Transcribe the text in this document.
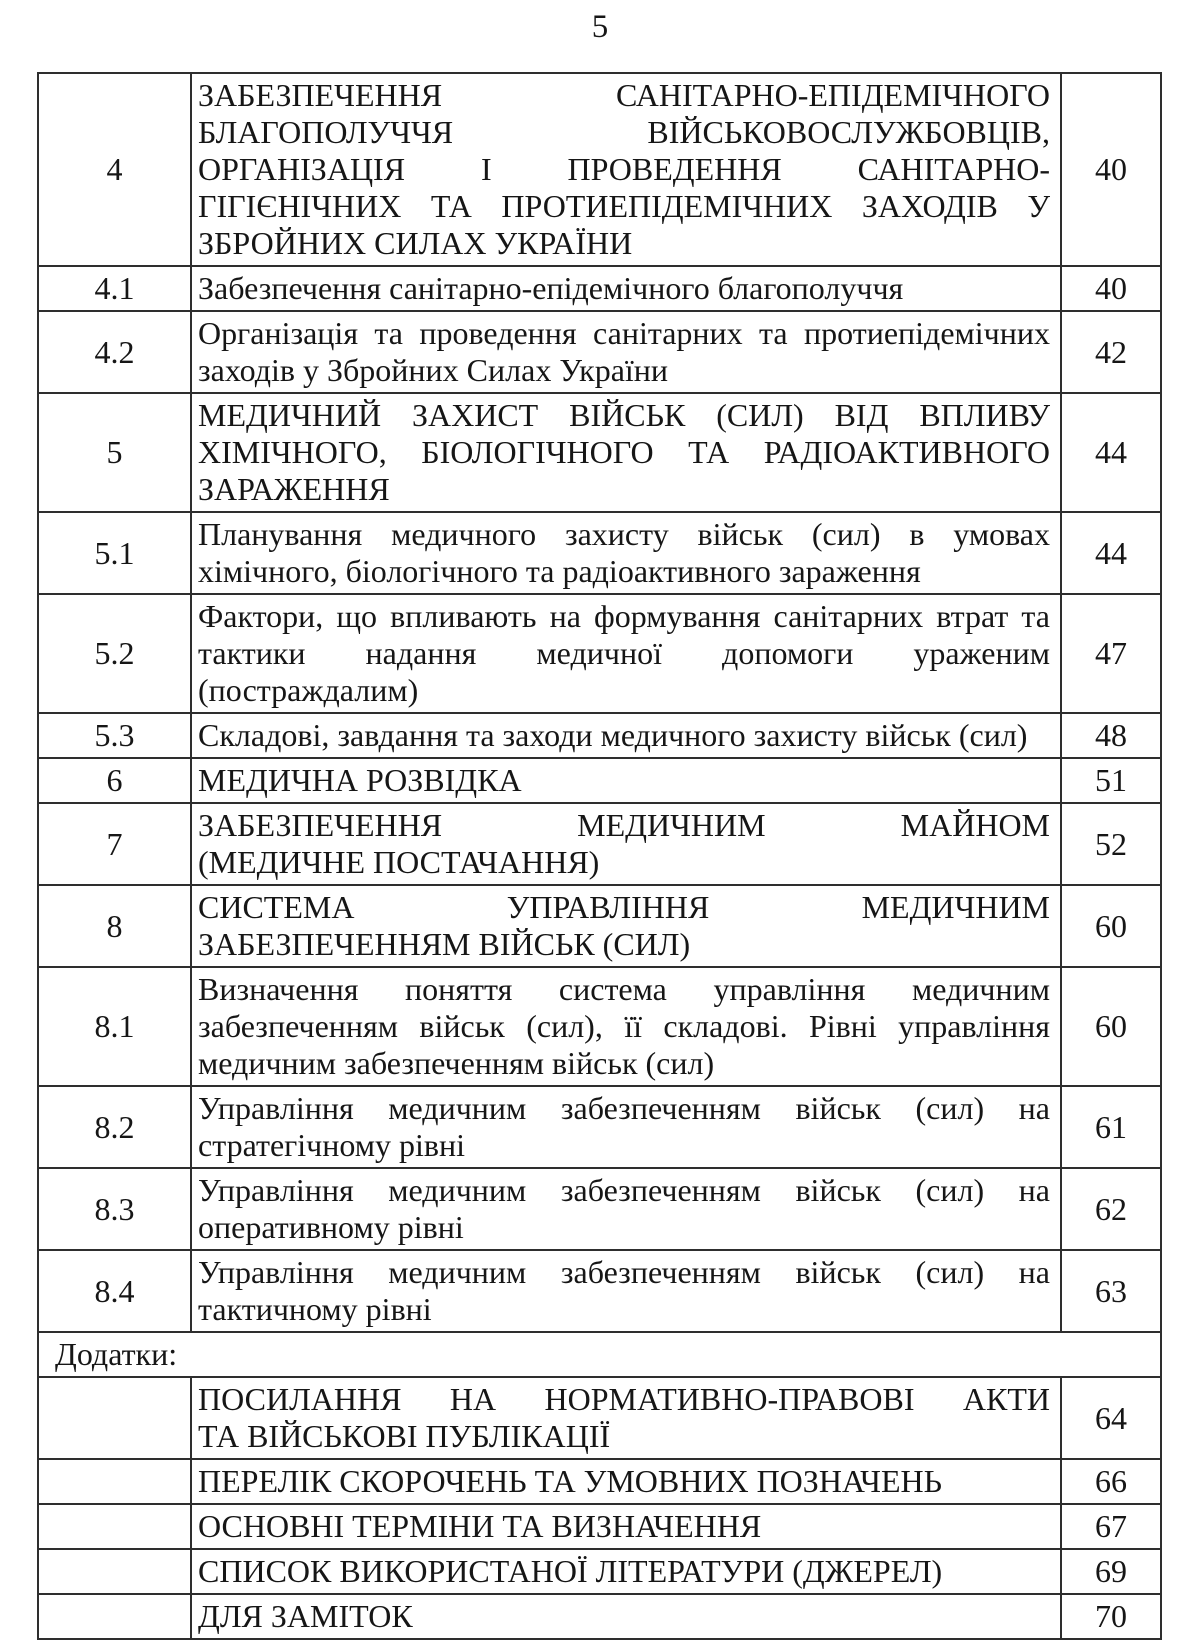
5
4	ЗАБЕЗПЕЧЕННЯ САНІТАРНО-ЕПІДЕМІЧНОГО
БЛАГОПОЛУЧЧЯ ВІЙСЬКОВОСЛУЖБОВЦІВ,
ОРГАНІЗАЦІЯ І ПРОВЕДЕННЯ САНІТАРНО-
ГІГІЄНІЧНИХ ТА ПРОТИЕПІДЕМІЧНИХ ЗАХОДІВ У
ЗБРОЙНИХ СИЛАХ УКРАЇНИ	40
4.1	Забезпечення санітарно-епідемічного благополуччя	40
4.2	Організація та проведення санітарних та протиепідемічних
заходів у Збройних Силах України	42
5	МЕДИЧНИЙ ЗАХИСТ ВІЙСЬК (СИЛ) ВІД ВПЛИВУ
ХІМІЧНОГО, БІОЛОГІЧНОГО ТА РАДІОАКТИВНОГО
ЗАРАЖЕННЯ	44
5.1	Планування медичного захисту військ (сил) в умовах
хімічного, біологічного та радіоактивного зараження	44
5.2	Фактори, що впливають на формування санітарних втрат та
тактики надання медичної допомоги ураженим
(постраждалим)	47
5.3	Складові, завдання та заходи медичного захисту військ (сил)	48
6	МЕДИЧНА РОЗВІДКА	51
7	ЗАБЕЗПЕЧЕННЯ МЕДИЧНИМ МАЙНОМ
(МЕДИЧНЕ ПОСТАЧАННЯ)	52
8	СИСТЕМА УПРАВЛІННЯ МЕДИЧНИМ
ЗАБЕЗПЕЧЕННЯМ ВІЙСЬК (СИЛ)	60
8.1	Визначення поняття система управління медичним
забезпеченням військ (сил), її складові. Рівні управління
медичним забезпеченням військ (сил)	60
8.2	Управління медичним забезпеченням військ (сил) на
стратегічному рівні	61
8.3	Управління медичним забезпеченням військ (сил) на
оперативному рівні	62
8.4	Управління медичним забезпеченням військ (сил) на
тактичному рівні	63
Додатки:		

	ПОСИЛАННЯ НА НОРМАТИВНО-ПРАВОВІ АКТИ
ТА ВІЙСЬКОВІ ПУБЛІКАЦІЇ	64

	ПЕРЕЛІК СКОРОЧЕНЬ ТА УМОВНИХ ПОЗНАЧЕНЬ	66

	ОСНОВНІ ТЕРМІНИ ТА ВИЗНАЧЕННЯ	67

	СПИСОК ВИКОРИСТАНОЇ ЛІТЕРАТУРИ (ДЖЕРЕЛ)	69

	ДЛЯ ЗАМІТОК	70
